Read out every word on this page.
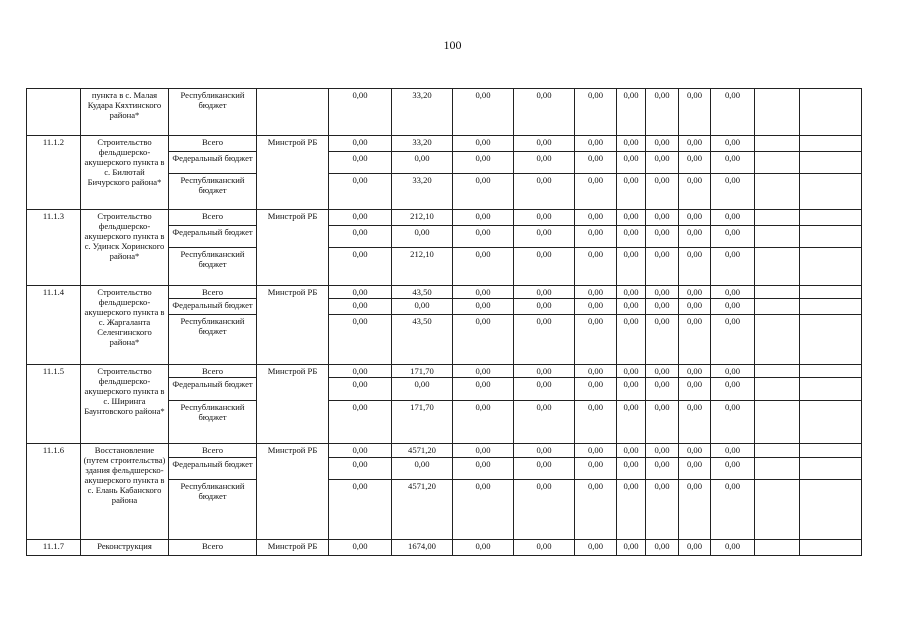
100
	пункта в с. Малая Кудара Кяхтинского района*	Республиканский бюджет		0,00	33,20	0,00	0,00	0,00	0,00	0,00	0,00	0,00		
11.1.2	Строительство фельдшерско-акушерского пункта в с. Билютай Бичурского района*	Всего	Минстрой РБ	0,00	33,20	0,00	0,00	0,00	0,00	0,00	0,00	0,00		
		Федеральный бюджет		0,00	0,00	0,00	0,00	0,00	0,00	0,00	0,00	0,00		
		Республиканский бюджет		0,00	33,20	0,00	0,00	0,00	0,00	0,00	0,00	0,00		
11.1.3	Строительство фельдшерско-акушерского пункта в с. Удинск Хоринского района*	Всего	Минстрой РБ	0,00	212,10	0,00	0,00	0,00	0,00	0,00	0,00	0,00		
		Федеральный бюджет		0,00	0,00	0,00	0,00	0,00	0,00	0,00	0,00	0,00		
		Республиканский бюджет		0,00	212,10	0,00	0,00	0,00	0,00	0,00	0,00	0,00		
11.1.4	Строительство фельдшерско-акушерского пункта в с. Жаргаланта Селенгинского района*	Всего	Минстрой РБ	0,00	43,50	0,00	0,00	0,00	0,00	0,00	0,00	0,00		
		Федеральный бюджет		0,00	0,00	0,00	0,00	0,00	0,00	0,00	0,00	0,00		
		Республиканский бюджет		0,00	43,50	0,00	0,00	0,00	0,00	0,00	0,00	0,00		
11.1.5	Строительство фельдшерско-акушерского пункта в с. Ширинга Баунтовского района*	Всего	Минстрой РБ	0,00	171,70	0,00	0,00	0,00	0,00	0,00	0,00	0,00		
		Федеральный бюджет		0,00	0,00	0,00	0,00	0,00	0,00	0,00	0,00	0,00		
		Республиканский бюджет		0,00	171,70	0,00	0,00	0,00	0,00	0,00	0,00	0,00		
11.1.6	Восстановление (путем строительства) здания фельдшерско-акушерского пункта в с. Елань Кабанского района	Всего	Минстрой РБ	0,00	4571,20	0,00	0,00	0,00	0,00	0,00	0,00	0,00		
		Федеральный бюджет		0,00	0,00	0,00	0,00	0,00	0,00	0,00	0,00	0,00		
		Республиканский бюджет		0,00	4571,20	0,00	0,00	0,00	0,00	0,00	0,00	0,00		
11.1.7	Реконструкция	Всего	Минстрой РБ	0,00	1674,00	0,00	0,00	0,00	0,00	0,00	0,00	0,00		
